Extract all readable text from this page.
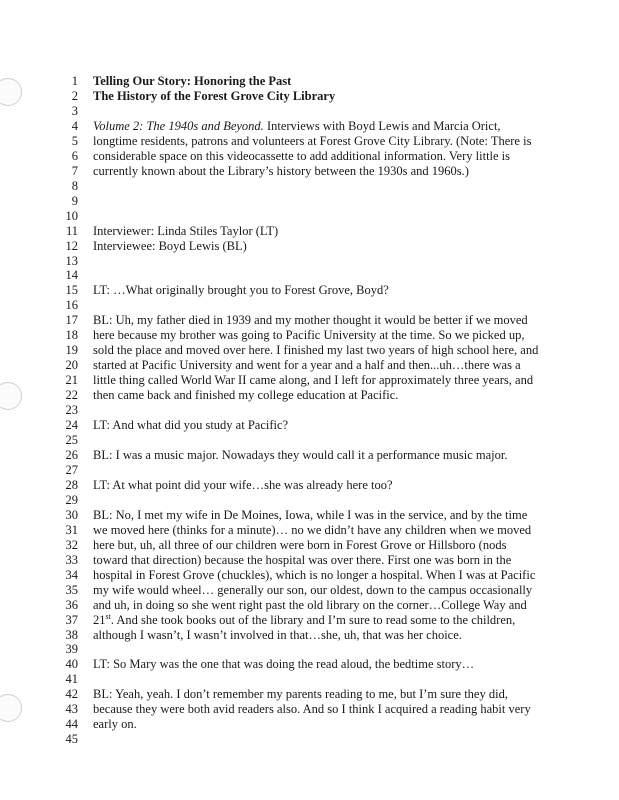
1 Telling Our Story: Honoring the Past
2 The History of the Forest Grove City Library
3
4 Volume 2: The 1940s and Beyond. Interviews with Boyd Lewis and Marcia Orict,
5 longtime residents, patrons and volunteers at Forest Grove City Library. (Note: There is
6 considerable space on this videocassette to add additional information. Very little is
7 currently known about the Library’s history between the 1930s and 1960s.)
8
9
10
11 Interviewer: Linda Stiles Taylor (LT)
12 Interviewee: Boyd Lewis (BL)
13
14
15 LT: …What originally brought you to Forest Grove, Boyd?
16
17 BL: Uh, my father died in 1939 and my mother thought it would be better if we moved
18 here because my brother was going to Pacific University at the time. So we picked up,
19 sold the place and moved over here. I finished my last two years of high school here, and
20 started at Pacific University and went for a year and a half and then...uh…there was a
21 little thing called World War II came along, and I left for approximately three years, and
22 then came back and finished my college education at Pacific.
23
24 LT: And what did you study at Pacific?
25
26 BL: I was a music major. Nowadays they would call it a performance music major.
27
28 LT: At what point did your wife…she was already here too?
29
30 BL: No, I met my wife in De Moines, Iowa, while I was in the service, and by the time
31 we moved here (thinks for a minute)… no we didn’t have any children when we moved
32 here but, uh, all three of our children were born in Forest Grove or Hillsboro (nods
33 toward that direction) because the hospital was over there. First one was born in the
34 hospital in Forest Grove (chuckles), which is no longer a hospital. When I was at Pacific
35 my wife would wheel… generally our son, our oldest, down to the campus occasionally
36 and uh, in doing so she went right past the old library on the corner…College Way and
37 21st. And she took books out of the library and I’m sure to read some to the children,
38 although I wasn’t, I wasn’t involved in that…she, uh, that was her choice.
39
40 LT: So Mary was the one that was doing the read aloud, the bedtime story…
41
42 BL: Yeah, yeah. I don’t remember my parents reading to me, but I’m sure they did,
43 because they were both avid readers also. And so I think I acquired a reading habit very
44 early on.
45
